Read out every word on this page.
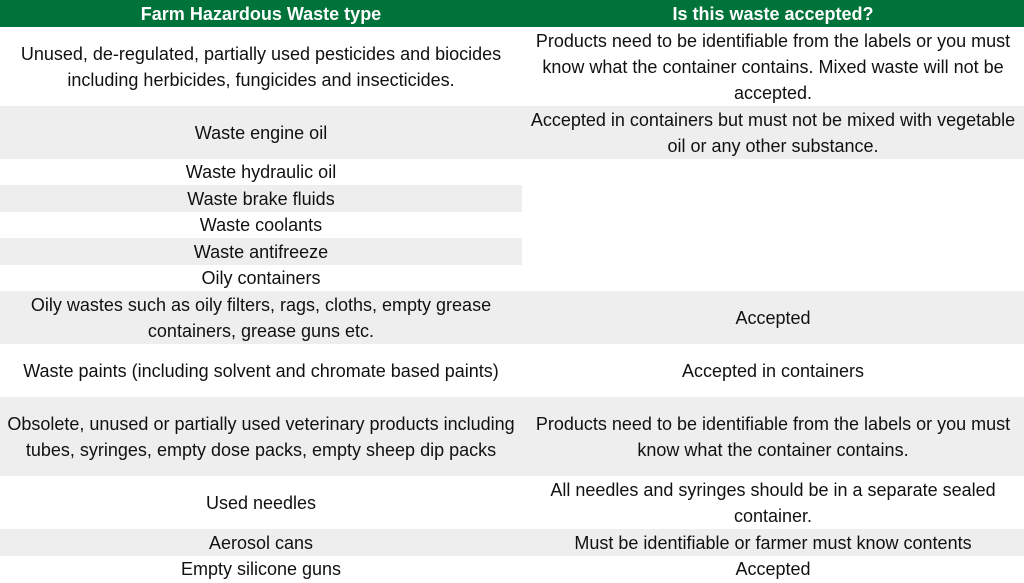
Farm Hazardous Waste type	Is this waste accepted?
Unused, de-regulated, partially used pesticides and biocides including herbicides, fungicides and insecticides.	Products need to be identifiable from the labels or you must know what the container contains. Mixed waste will not be accepted.
Waste engine oil	Accepted in containers but must not be mixed with vegetable oil or any other substance.
Waste hydraulic oil	
Waste brake fluids	
Waste coolants	
Waste antifreeze	
Oily containers	
Oily wastes such as oily filters, rags, cloths, empty grease containers, grease guns etc.	Accepted
Waste paints (including solvent and chromate based paints)	Accepted in containers
Obsolete, unused or partially used veterinary products including tubes, syringes, empty dose packs, empty sheep dip packs	Products need to be identifiable from the labels or you must know what the container contains.
Used needles	All needles and syringes should be in a separate sealed container.
Aerosol cans	Must be identifiable or farmer must know contents
Empty silicone guns	Accepted
